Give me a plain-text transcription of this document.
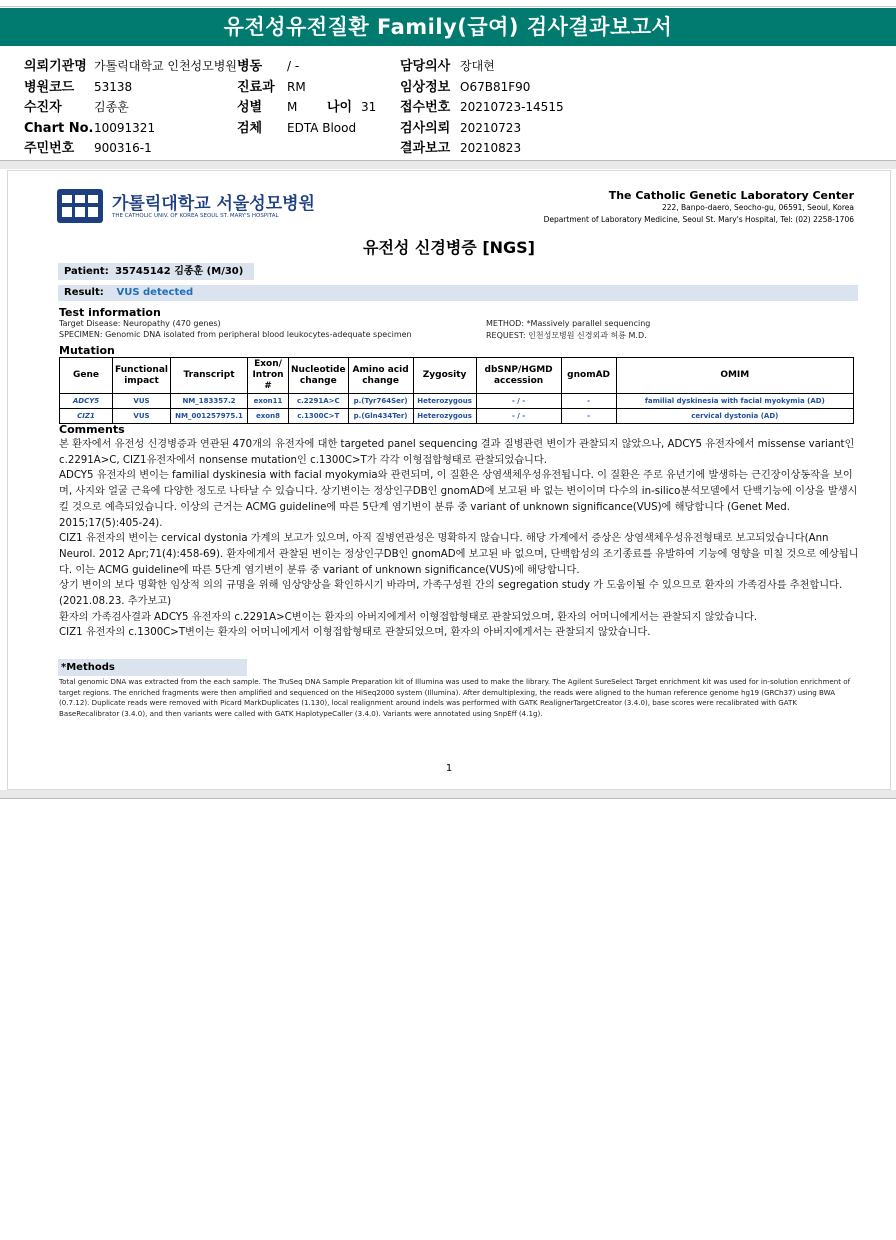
유전성유전질환 Family(급여) 검사결과보고서
의뢰기관명 가톨릭대학교 인천성모병원
병원코드 53138
수진자	김종훈
Chart No.10091321
주민번호 900316-1
병동 / -
진료과 RM
성별 M 나이 31
검체 EDTA Blood
담당의사 장대현
임상정보 O67B81F90
접수번호 20210723-14515
검사의뢰 20210723
결과보고 20210823
가톨릭대학교 서울성모병원
THE CATHOLIC UNIV. OF KOREA SEOUL ST. MARY'S HOSPITAL
The Catholic Genetic Laboratory Center
222, Banpo-daero, Seocho-gu, 06591, Seoul, Korea
Department of Laboratory Medicine, Seoul St. Mary's Hospital, Tel: (02) 2258-1706
유전성 신경병증 [NGS]
Patient: 35745142 김종훈 (M/30)
Result: VUS detected
Test information
Target Disease: Neuropathy (470 genes)
SPECIMEN: Genomic DNA isolated from peripheral blood leukocytes-adequate specimen
METHOD: *Massively parallel sequencing
REQUEST: 인천성모병원 신경외과 허룡 M.D.
Mutation
Gene	Functional impact	Transcript	Exon/ Intron #	Nucleotide change	Amino acid change	Zygosity	dbSNP/HGMD accession	gnomAD	OMIM
ADCY5	VUS	NM_183357.2	exon11	c.2291A>C	p.(Tyr764Ser)	Heterozygous	- / -	-	familial dyskinesia with facial myokymia (AD)
CIZ1	VUS	NM_001257975.1	exon8	c.1300C>T	p.(Gln434Ter)	Heterozygous	- / -	-	cervical dystonia (AD)
Comments

본 환자에서 유전성 신경병증과 연관된 470개의 유전자에 대한 targeted panel sequencing 결과 질병관련 변이가 관찰되지 않았으나, ADCY5 유전자에서 missense variant인 c.2291A>C, CIZ1유전자에서 nonsense mutation인 c.1300C>T가 각각 이형접합형태로 관찰되었습니다.

ADCY5 유전자의 변이는 familial dyskinesia with facial myokymia와 관련되며, 이 질환은 상염색체우성유전됩니다. 이 질환은 주로 유년기에 발생하는 근긴장이상동작을 보이며, 사지와 얼굴 근육에 다양한 정도로 나타날 수 있습니다. 상기변이는 정상인구DB인 gnomAD에 보고된 바 없는 변이이며 다수의 in-silico분석모델에서 단백기능에 이상을 발생시킬 것으로 예측되었습니다. 이상의 근거는 ACMG guideline에 따른 5단계 염기변이 분류 중 variant of unknown significance(VUS)에 해당합니다 (Genet Med. 2015;17(5):405-24).

CIZ1 유전자의 변이는 cervical dystonia 가계의 보고가 있으며, 아직 질병연관성은 명확하지 않습니다. 해당 가계에서 증상은 상염색체우성유전형태로 보고되었습니다(Ann Neurol. 2012 Apr;71(4):458-69). 환자에게서 관찰된 변이는 정상인구DB인 gnomAD에 보고된 바 없으며, 단백합성의 조기종료를 유발하여 기능에 영향을 미칠 것으로 예상됩니다. 이는 ACMG guideline에 따른 5단계 염기변이 분류 중 variant of unknown significance(VUS)에 해당합니다.

상기 변이의 보다 명확한 임상적 의의 규명을 위해 임상양상을 확인하시기 바라며, 가족구성원 간의 segregation study 가 도움이될 수 있으므로 환자의 가족검사를 추천합니다.

(2021.08.23. 추가보고)

환자의 가족검사결과 ADCY5 유전자의 c.2291A>C변이는 환자의 아버지에게서 이형접합형태로 관찰되었으며, 환자의 어머니에게서는 관찰되지 않았습니다.

CIZ1 유전자의 c.1300C>T변이는 환자의 어머니에게서 이형접합형태로 관찰되었으며, 환자의 아버지에게서는 관찰되지 않았습니다.

*Methods
Total genomic DNA was extracted from the each sample. The TruSeq DNA Sample Preparation kit of Illumina was used to make the library. The Agilent SureSelect Target enrichment kit was used for in-solution enrichment of target regions. The enriched fragments were then amplified and sequenced on the HiSeq2000 system (Illumina). After demultiplexing, the reads were aligned to the human reference genome hg19 (GRCh37) using BWA (0.7.12). Duplicate reads were removed with Picard MarkDuplicates (1.130), local realignment around indels was performed with GATK RealignerTargetCreator (3.4.0), base scores were recalibrated with GATK BaseRecalibrator (3.4.0), and then variants were called with GATK HaplotypeCaller (3.4.0). Variants were annotated using SnpEff (4.1g).
1
